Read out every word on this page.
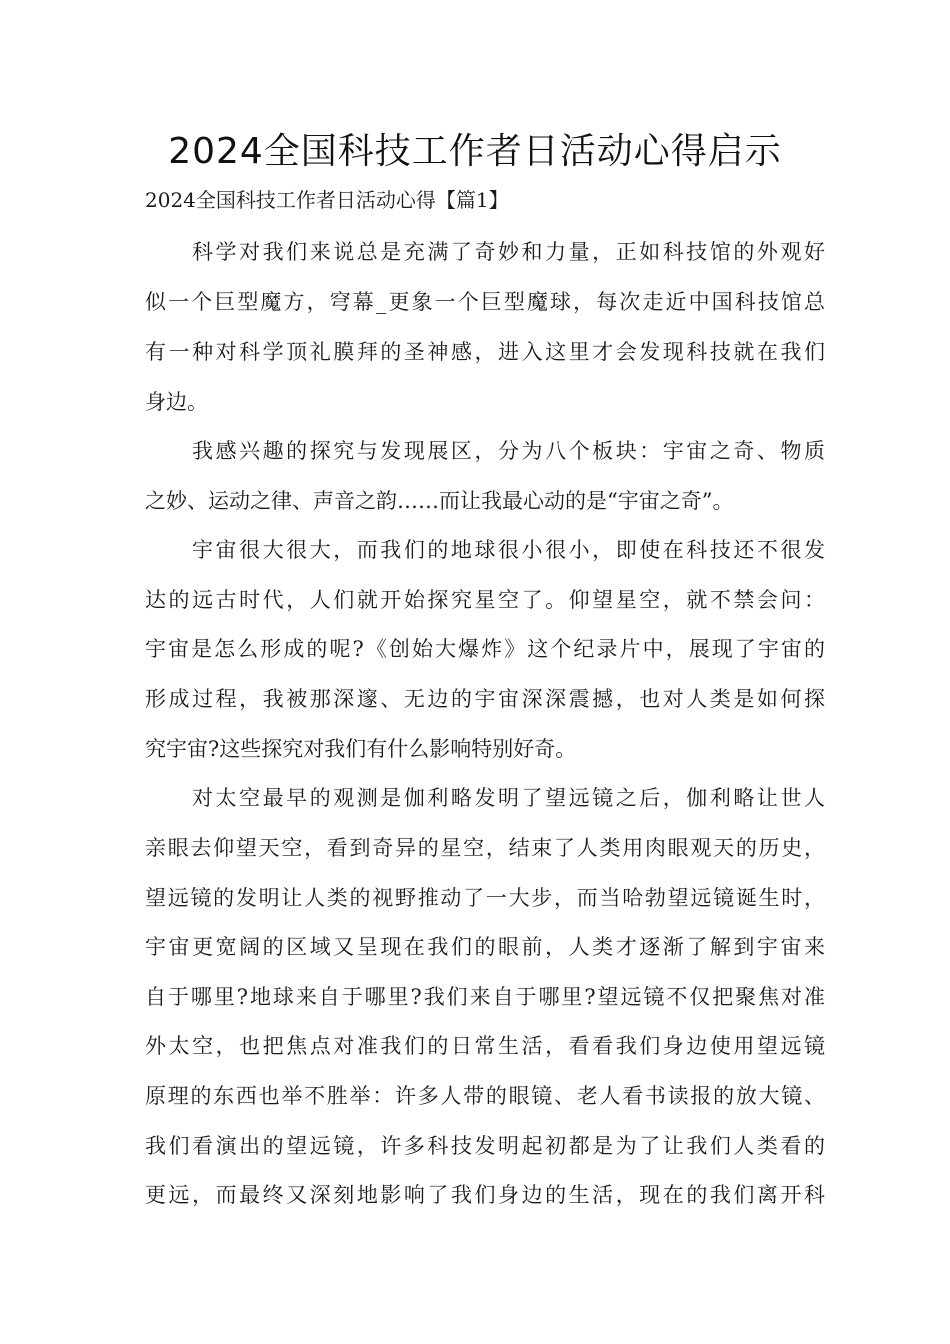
2024全国科技工作者日活动心得启示
2024全国科技工作者日活动心得【篇1】
科学对我们来说总是充满了奇妙和力量，正如科技馆的外观好
似一个巨型魔方，穹幕_更象一个巨型魔球，每次走近中国科技馆总
有一种对科学顶礼膜拜的圣神感，进入这里才会发现科技就在我们
身边。
我感兴趣的探究与发现展区，分为八个板块：宇宙之奇、物质
之妙、运动之律、声音之韵……而让我最心动的是“宇宙之奇”。
宇宙很大很大，而我们的地球很小很小，即使在科技还不很发
达的远古时代，人们就开始探究星空了。仰望星空，就不禁会问：
宇宙是怎么形成的呢?《创始大爆炸》这个纪录片中，展现了宇宙的
形成过程，我被那深邃、无边的宇宙深深震撼，也对人类是如何探
究宇宙?这些探究对我们有什么影响特别好奇。
对太空最早的观测是伽利略发明了望远镜之后，伽利略让世人
亲眼去仰望天空，看到奇异的星空，结束了人类用肉眼观天的历史，
望远镜的发明让人类的视野推动了一大步，而当哈勃望远镜诞生时，
宇宙更宽阔的区域又呈现在我们的眼前，人类才逐渐了解到宇宙来
自于哪里?地球来自于哪里?我们来自于哪里?望远镜不仅把聚焦对准
外太空，也把焦点对准我们的日常生活，看看我们身边使用望远镜
原理的东西也举不胜举：许多人带的眼镜、老人看书读报的放大镜、
我们看演出的望远镜，许多科技发明起初都是为了让我们人类看的
更远，而最终又深刻地影响了我们身边的生活，现在的我们离开科
